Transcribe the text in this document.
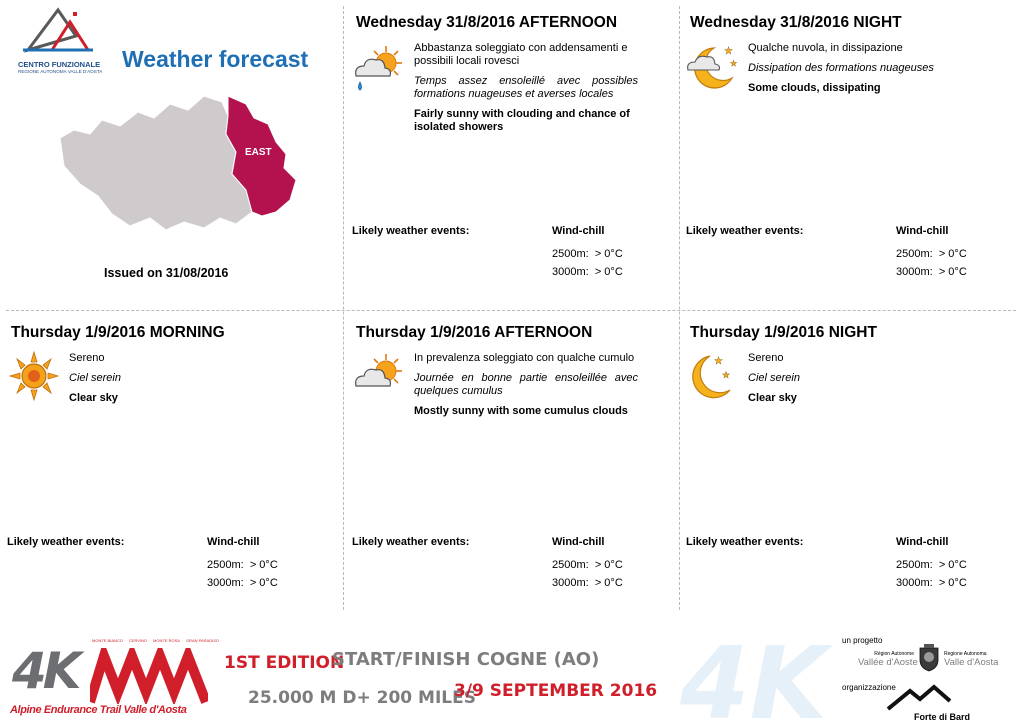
CENTRO FUNZIONALE
REGIONE AUTONOMA VALLE D'AOSTA Weather forecast
EAST
Issued on 31/08/2016
Wednesday 31/8/2016 AFTERNOON

Abbastanza soleggiato con addensamenti e possibili locali rovesci

Temps assez ensoleillé avec possibles formations nuageuses et averses locales

Fairly sunny with clouding and chance of isolated showers

Likely weather events:	Wind-chill
2500m: > 0°C
3000m: > 0°C
Wednesday 31/8/2016 NIGHT
★
★

Qualche nuvola, in dissipazione

Dissipation des formations nuageuses

Some clouds, dissipating

Likely weather events:	Wind-chill
2500m: > 0°C
3000m: > 0°C
Thursday 1/9/2016 MORNING

Sereno

Ciel serein

Clear sky

Likely weather events:	Wind-chill
2500m: > 0°C
3000m: > 0°C
Thursday 1/9/2016 AFTERNOON

In prevalenza soleggiato con qualche cumulo

Journée en bonne partie ensoleillée avec quelques cumulus

Mostly sunny with some cumulus clouds

Likely weather events:	Wind-chill
2500m: > 0°C
3000m: > 0°C
Thursday 1/9/2016 NIGHT
★
★

Sereno

Ciel serein

Clear sky

Likely weather events:	Wind-chill
2500m: > 0°C
3000m: > 0°C
MONTE BIANCO CERVINO MONTE ROSA GRAN PARADISO
4K
Alpine Endurance Trail Valle d'Aosta
1ST EDITION
START/FINISH COGNE (AO)
25.000 M D+ 200 MILES
3/9 SEPTEMBER 2016 4K	un progetto
Région Autonome
Vallée d'Aoste
Regione Autonoma
Valle d'Aosta
organizzazione
Forte di Bard
